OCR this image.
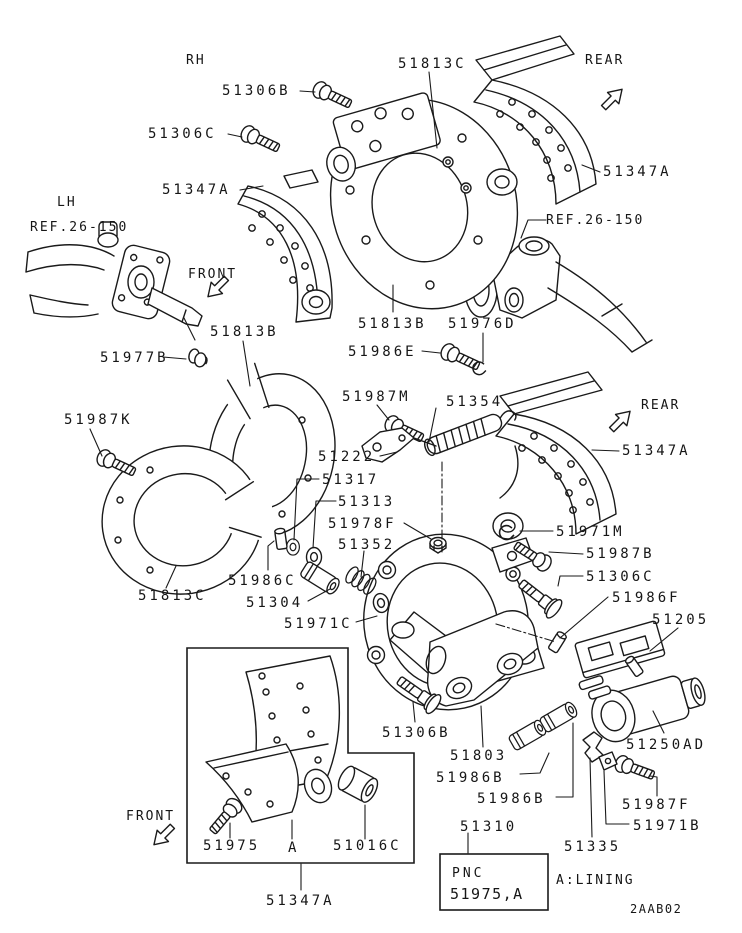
PNC
51975,A
A:LINING
2AAB02
51813C
51306B
51306C
51347A
51347A
51813B	51813B 51976D
51977B	51986E
51987M	51354
51987K
51347A
51222
51317
51313
51978F
51352
51971M
51987B
51306C
51986F
51205
51986C
51304
51971C
51813C
51306B
51803
51986B
51986B
51250AD
51987F
51971B
51310
51335
51975 A 51016C
51347A
RH
LH
REF.26-150	REF.26-150
FRONT
FRONT
REAR
REAR
